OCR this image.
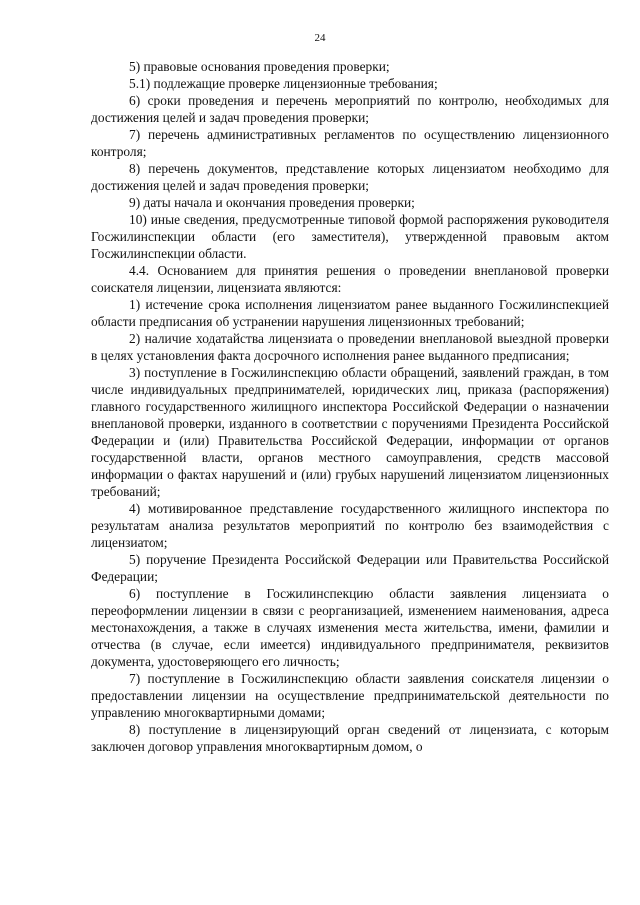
24

5) правовые основания проведения проверки;

5.1) подлежащие проверке лицензионные требования;

6) сроки проведения и перечень мероприятий по контролю, необходимых для достижения целей и задач проведения проверки;

7) перечень административных регламентов по осуществлению лицензионного контроля;

8) перечень документов, представление которых лицензиатом необходимо для достижения целей и задач проведения проверки;

9) даты начала и окончания проведения проверки;

10) иные сведения, предусмотренные типовой формой распоряжения руководителя Госжилинспекции области (его заместителя), утвержденной правовым актом Госжилинспекции области.

4.4. Основанием для принятия решения о проведении внеплановой проверки соискателя лицензии, лицензиата являются:

1) истечение срока исполнения лицензиатом ранее выданного Госжилинспекцией области предписания об устранении нарушения лицензионных требований;

2) наличие ходатайства лицензиата о проведении внеплановой выездной проверки в целях установления факта досрочного исполнения ранее выданного предписания;

3) поступление в Госжилинспекцию области обращений, заявлений граждан, в том числе индивидуальных предпринимателей, юридических лиц, приказа (распоряжения) главного государственного жилищного инспектора Российской Федерации о назначении внеплановой проверки, изданного в соответствии с поручениями Президента Российской Федерации и (или) Правительства Российской Федерации, информации от органов государственной власти, органов местного самоуправления, средств массовой информации о фактах нарушений и (или) грубых нарушений лицензиатом лицензионных требований;

4) мотивированное представление государственного жилищного инспектора по результатам анализа результатов мероприятий по контролю без взаимодействия с лицензиатом;

5) поручение Президента Российской Федерации или Правительства Российской Федерации;

6) поступление в Госжилинспекцию области заявления лицензиата о переоформлении лицензии в связи с реорганизацией, изменением наименования, адреса местонахождения, а также в случаях изменения места жительства, имени, фамилии и отчества (в случае, если имеется) индивидуального предпринимателя, реквизитов документа, удостоверяющего его личность;

7) поступление в Госжилинспекцию области заявления соискателя лицензии о предоставлении лицензии на осуществление предпринимательской деятельности по управлению многоквартирными домами;

8) поступление в лицензирующий орган сведений от лицензиата, с которым заключен договор управления многоквартирным домом, о
